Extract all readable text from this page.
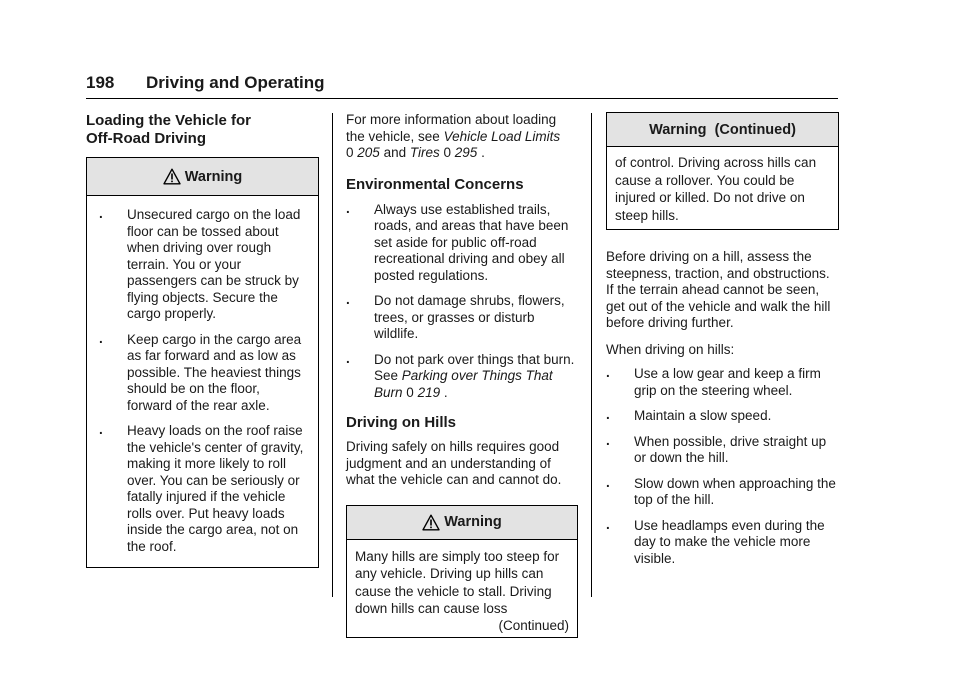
198 Driving and Operating
Loading the Vehicle for
Off-Road Driving
Warning
. Unsecured cargo on the load floor can be tossed about when driving over rough terrain. You or your passengers can be struck by flying objects. Secure the cargo properly.
. Keep cargo in the cargo area as far forward and as low as possible. The heaviest things should be on the floor, forward of the rear axle.
. Heavy loads on the roof raise the vehicle's center of gravity, making it more likely to roll over. You can be seriously or fatally injured if the vehicle rolls over. Put heavy loads inside the cargo area, not on the roof.

For more information about loading the vehicle, see Vehicle Load Limits
0 205 and Tires 0 295 .

Environmental Concerns
. Always use established trails, roads, and areas that have been set aside for public off-road recreational driving and obey all posted regulations.
. Do not damage shrubs, flowers, trees, or grasses or disturb wildlife.
. Do not park over things that burn. See Parking over Things That Burn 0 219 .
Driving on Hills

Driving safely on hills requires good judgment and an understanding of what the vehicle can and cannot do.

Warning
Many hills are simply too steep for any vehicle. Driving up hills can cause the vehicle to stall. Driving down hills can cause loss
(Continued)
Warning  (Continued)
of control. Driving across hills can cause a rollover. You could be injured or killed. Do not drive on steep hills.

Before driving on a hill, assess the steepness, traction, and obstructions. If the terrain ahead cannot be seen, get out of the vehicle and walk the hill before driving further.

When driving on hills:

. Use a low gear and keep a firm grip on the steering wheel.
. Maintain a slow speed.
. When possible, drive straight up or down the hill.
. Slow down when approaching the top of the hill.
. Use headlamps even during the day to make the vehicle more visible.
